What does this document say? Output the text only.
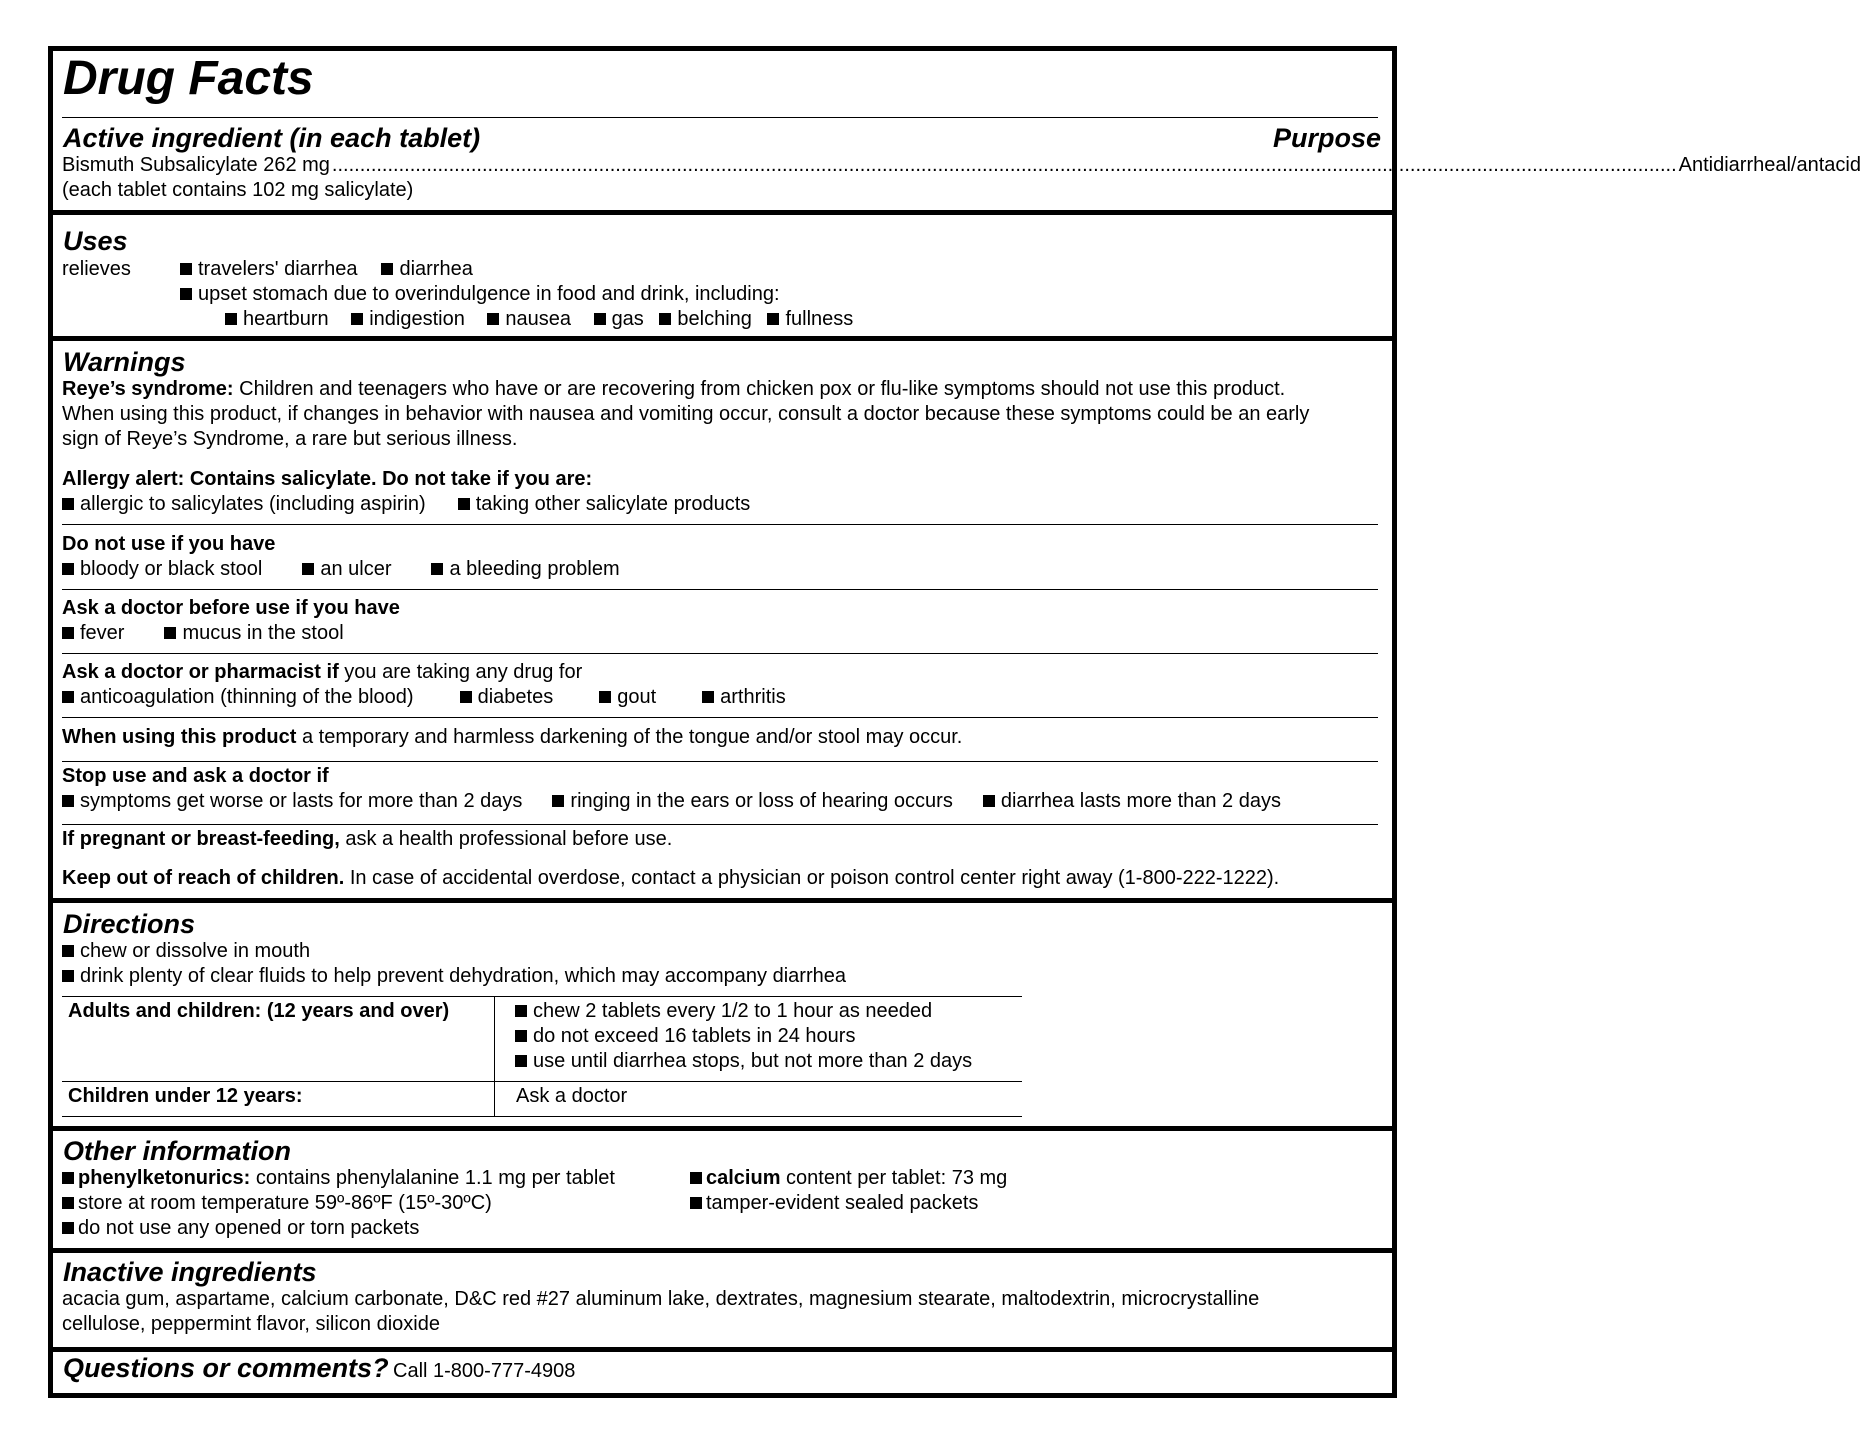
Drug Facts
Active ingredient (in each tablet)	Purpose
Bismuth Subsalicylate 262 mg .................................................................................................................................................................................................................................................. Antidiarrheal/antacid
(each tablet contains 102 mg salicylate)
Uses
relieves	travelers' diarrhea diarrhea
upset stomach due to overindulgence in food and drink, including:
heartburn indigestion nausea gas belching fullness
Warnings
Reye’s syndrome: Children and teenagers who have or are recovering from chicken pox or flu-like symptoms should not use this product.
When using this product, if changes in behavior with nausea and vomiting occur, consult a doctor because these symptoms could be an early
sign of Reye’s Syndrome, a rare but serious illness.
Allergy alert: Contains salicylate. Do not take if you are:
allergic to salicylates (including aspirin)	taking other salicylate products
Do not use if you have
bloody or black stool	an ulcer	a bleeding problem
Ask a doctor before use if you have
fever	mucus in the stool
Ask a doctor or pharmacist if you are taking any drug for
anticoagulation (thinning of the blood)	diabetes	gout	arthritis
When using this product a temporary and harmless darkening of the tongue and/or stool may occur.
Stop use and ask a doctor if
symptoms get worse or lasts for more than 2 days ringing in the ears or loss of hearing occurs diarrhea lasts more than 2 days
If pregnant or breast-feeding, ask a health professional before use.
Keep out of reach of children. In case of accidental overdose, contact a physician or poison control center right away (1-800-222-1222).
Directions
chew or dissolve in mouth
drink plenty of clear fluids to help prevent dehydration, which may accompany diarrhea
Adults and children: (12 years and over)	chew 2 tablets every 1/2 to 1 hour as needed
do not exceed 16 tablets in 24 hours
use until diarrhea stops, but not more than 2 days
Children under 12 years:	Ask a doctor
Other information
phenylketonurics: contains phenylalanine 1.1 mg per tablet	calcium content per tablet: 73 mg
store at room temperature 59º-86ºF (15º-30ºC)	tamper-evident sealed packets
do not use any opened or torn packets
Inactive ingredients
acacia gum, aspartame, calcium carbonate, D&C red #27 aluminum lake, dextrates, magnesium stearate, maltodextrin, microcrystalline
cellulose, peppermint flavor, silicon dioxide
Questions or comments? Call 1-800-777-4908
